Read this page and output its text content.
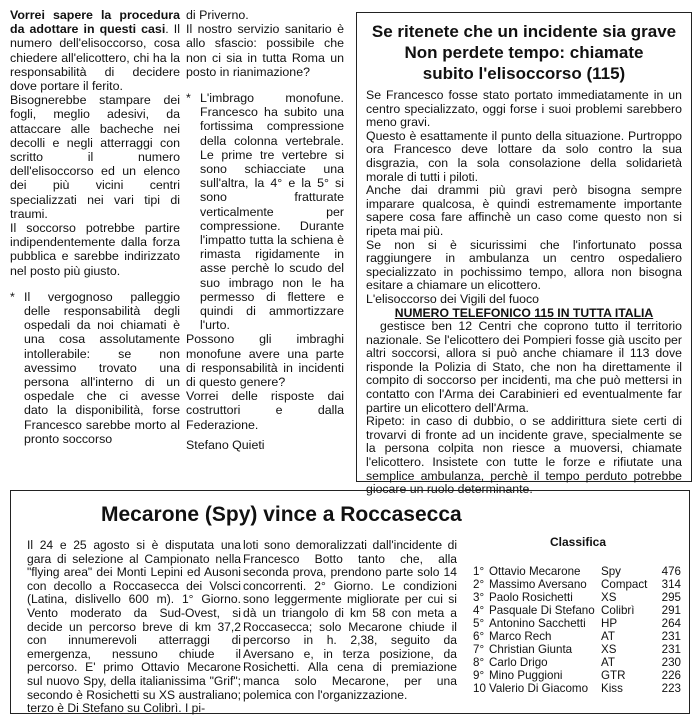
Vorrei sapere la procedura da adottare in questi casi. Il numero dell'elisoccorso, cosa chiedere all'elicottero, chi ha la responsabilità di decidere dove portare il ferito.

Bisognerebbe stampare dei fogli, meglio adesivi, da attaccare alle bacheche nei decolli e negli atterraggi con scritto il numero dell'elisoccorso ed un elenco dei più vicini centri specializzati nei vari tipi di traumi.

Il soccorso potrebbe partire indipendentemente dalla forza pubblica e sarebbe indirizzato nel posto più giusto.

* Il vergognoso palleggio delle responsabilità degli ospedali da noi chiamati è una cosa assolutamente intollerabile: se non avessimo trovato una persona all'interno di un ospedale che ci avesse dato la disponibilità, forse Francesco sarebbe morto al pronto soccorso

di Priverno.

Il nostro servizio sanitario è allo sfascio: possibile che non ci sia in tutta Roma un posto in rianimazione?

* L'imbrago monofune. Francesco ha subito una fortissima compressione della colonna vertebrale. Le prime tre vertebre si sono schiacciate una sull'altra, la 4° e la 5° si sono fratturate verticalmente per compressione. Durante l'impatto tutta la schiena è rimasta rigidamente in asse perchè lo scudo del suo imbrago non le ha permesso di flettere e quindi di ammortizzare l'urto.

Possono gli imbraghi monofune avere una parte di responsabilità in incidenti di questo genere?

Vorrei delle risposte dai costruttori e dalla Federazione.

Stefano Quieti

Se ritenete che un incidente sia grave
Non perdete tempo: chiamate
subito l'elisoccorso (115)

Se Francesco fosse stato portato immediatamente in un centro specializzato, oggi forse i suoi problemi sarebbero meno gravi.

Questo è esattamente il punto della situazione. Purtroppo ora Francesco deve lottare da solo contro la sua disgrazia, con la sola consolazione della solidarietà morale di tutti i piloti.

Anche dai drammi più gravi però bisogna sempre imparare qualcosa, è quindi estremamente importante sapere cosa fare affinchè un caso come questo non si ripeta mai più.

Se non si è sicurissimi che l'infortunato possa raggiungere in ambulanza un centro ospedaliero specializzato in pochissimo tempo, allora non bisogna esitare a chiamare un elicottero.

L'elisoccorso dei Vigili del fuoco

NUMERO TELEFONICO 115 IN TUTTA ITALIA

gestisce ben 12 Centri che coprono tutto il territorio nazionale. Se l'elicottero dei Pompieri fosse già uscito per altri soccorsi, allora si può anche chiamare il 113 dove risponde la Polizia di Stato, che non ha direttamente il compito di soccorso per incidenti, ma che può mettersi in contatto con l'Arma dei Carabinieri ed eventualmente far partire un elicottero dell'Arma.

Ripeto: in caso di dubbio, o se addirittura siete certi di trovarvi di fronte ad un incidente grave, specialmente se la persona colpita non riesce a muoversi, chiamate l'elicottero. Insistete con tutte le forze e rifiutate una semplice ambulanza, perchè il tempo perduto potrebbe giocare un ruolo determinante.

Mecarone (Spy) vince a Roccasecca

Il 24 e 25 agosto si è disputata una gara di selezione al Campionato nella "flying area" dei Monti Lepini ed Ausoni con decollo a Roccasecca dei Volsci (Latina, dislivello 600 m). 1° Giorno. Vento moderato da Sud-Ovest, si decide un percorso breve di km 37,2 con innumerevoli atterraggi di emergenza, nessuno chiude il percorso. E' primo Ottavio Mecarone sul nuovo Spy, della italianissima "Grif"; secondo è Rosichetti su XS australiano; terzo è Di Stefano su Colibrì. I pi-

loti sono demoralizzati dall'incidente di Francesco Botto tanto che, alla seconda prova, prendono parte solo 14 concorrenti. 2° Giorno. Le condizioni sono leggermente migliorate per cui si dà un triangolo di km 58 con meta a Roccasecca; solo Mecarone chiude il percorso in h. 2,38, seguito da Aversano e, in terza posizione, da Rosichetti. Alla cena di premiazione manca solo Mecarone, per una polemica con l'organizzazione.

Classifica
1°	Ottavio Mecarone	Spy	476
2°	Massimo Aversano	Compact	314
3°	Paolo Rosichetti	XS	295
4°	Pasquale Di Stefano	Colibrì	291
5°	Antonino Sacchetti	HP	264
6°	Marco Rech	AT	231
7°	Christian Giunta	XS	231
8°	Carlo Drigo	AT	230
9°	Mino Puggioni	GTR	226
10	Valerio Di Giacomo	Kiss	223
